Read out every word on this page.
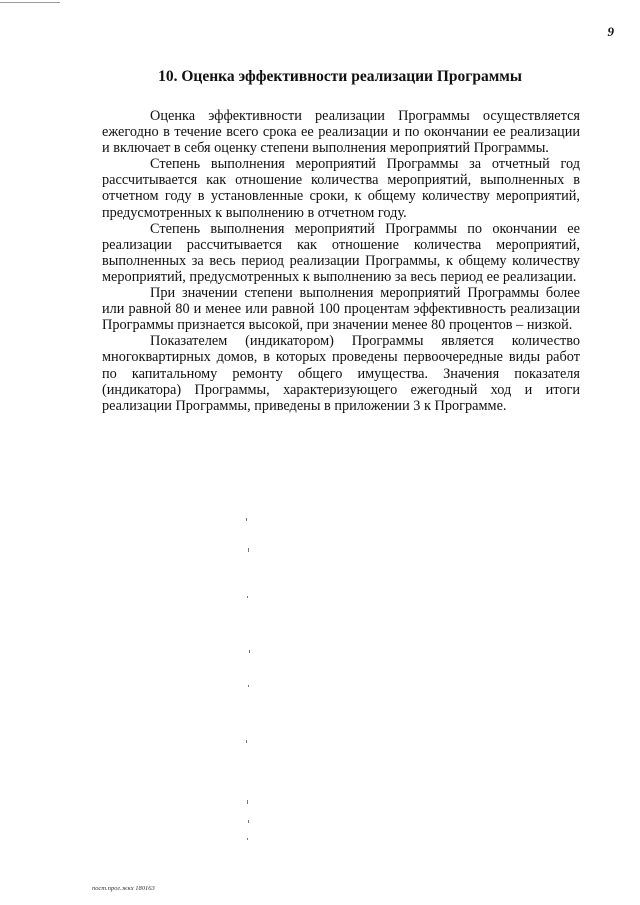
9
10. Оценка эффективности реализации Программы

Оценка эффективности реализации Программы осуществляется ежегодно в течение всего срока ее реализации и по окончании ее реализации и включает в себя оценку степени выполнения мероприятий Программы.

Степень выполнения мероприятий Программы за отчетный год рассчитывается как отношение количества мероприятий, выполненных в отчетном году в установленные сроки, к общему количеству мероприятий, предусмотренных к выполнению в отчетном году.

Степень выполнения мероприятий Программы по окончании ее реализации рассчитывается как отношение количества мероприятий, выполненных за весь период реализации Программы, к общему количеству мероприятий, предусмотренных к выполнению за весь период ее реализации.

При значении степени выполнения мероприятий Программы более или равной 80 и менее или равной 100 процентам эффективность реализации Программы признается высокой, при значении менее 80 процентов – низкой.

Показателем (индикатором) Программы является количество многоквартирных домов, в которых проведены первоочередные виды работ по капитальному ремонту общего имущества. Значения показателя (индикатора) Программы, характеризующего ежегодный ход и итоги реализации Программы, приведены в приложении 3 к Программе.

пост.прог.жкх 180163
